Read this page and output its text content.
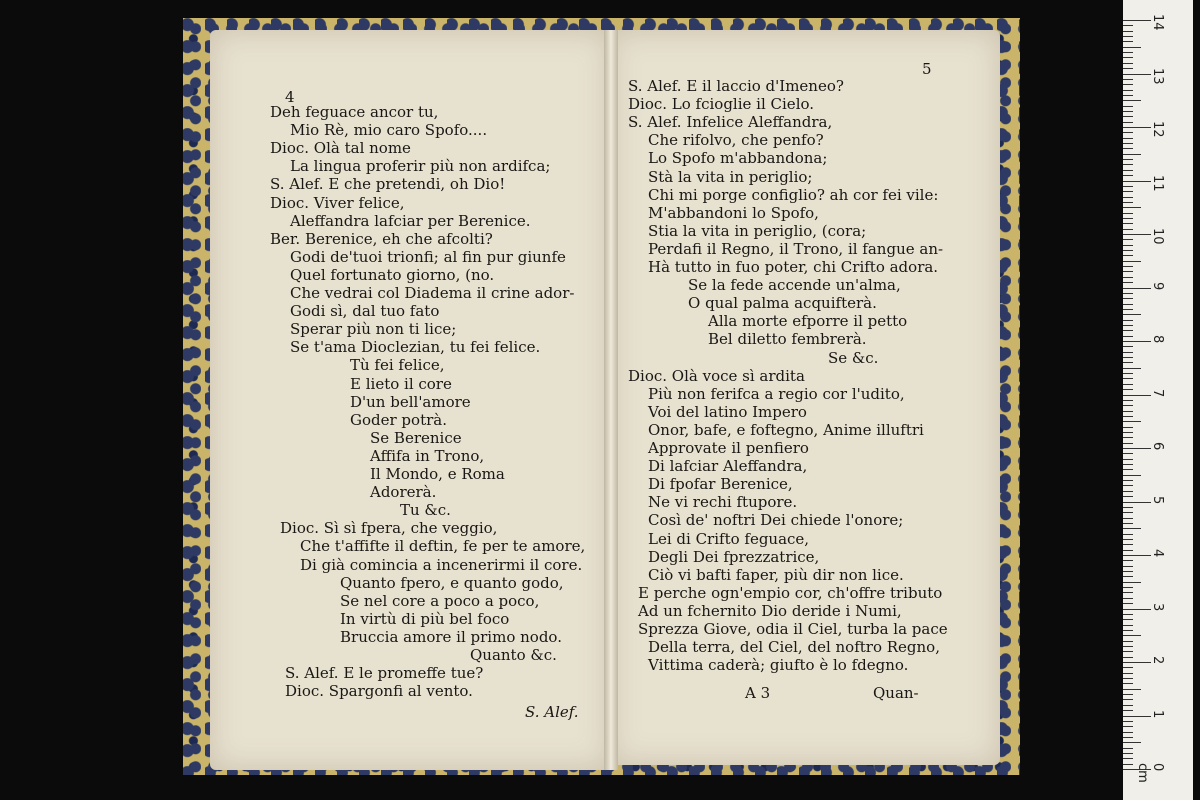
4
5
Deh feguace ancor tu,
Mio Rè, mio caro Spofo....
Dioc. Olà tal nome
La lingua proferir più non ardifca;
S. Alef. E che pretendi, oh Dio!
Dioc. Viver felice,
Aleffandra lafciar per Berenice.
Ber. Berenice, eh che afcolti?
Godi de'tuoi trionfi; al fin pur giunfe
Quel fortunato giorno, (no.
Che vedrai col Diadema il crine ador-
Godi sì, dal tuo fato
Sperar più non ti lice;
Se t'ama Dioclezian, tu fei felice.
Tù fei felice,
E lieto il core
D'un bell'amore
Goder potrà.
Se Berenice
Affifa in Trono,
Il Mondo, e Roma
Adorerà.
Tu &c.
Dioc. Sì sì fpera, che veggio,
Che t'affifte il deftin, fe per te amore,
Di già comincia a incenerirmi il core.
Quanto fpero, e quanto godo,
Se nel core a poco a poco,
In virtù di più bel foco
Bruccia amore il primo nodo.
Quanto &c.
S. Alef. E le promeffe tue?
Dioc. Spargonfi al vento.
S. Alef. E il laccio d'Imeneo?
Dioc. Lo fcioglie il Cielo.
S. Alef. Infelice Aleffandra,
Che rifolvo, che penfo?
Lo Spofo m'abbandona;
Stà la vita in periglio;
Chi mi porge configlio? ah cor fei vile:
M'abbandoni lo Spofo,
Stia la vita in periglio, (cora;
Perdafi il Regno, il Trono, il fangue an-
Hà tutto in fuo poter, chi Crifto adora.
Se la fede accende un'alma,
O qual palma acquifterà.
Alla morte efporre il petto
Bel diletto fembrerà.
Se &c.
Dioc. Olà voce sì ardita
Più non ferifca a regio cor l'udito,
Voi del latino Impero
Onor, bafe, e foftegno, Anime illuftri
Approvate il penfiero
Di lafciar Aleffandra,
Di fpofar Berenice,
Ne vi rechi ftupore.
Così de' noftri Dei chiede l'onore;
Lei di Crifto feguace,
Degli Dei fprezzatrice,
Ciò vi bafti faper, più dir non lice.
E perche ogn'empio cor, ch'offre tributo
Ad un fchernito Dio deride i Numi,
Sprezza Giove, odia il Ciel, turba la pace
Della terra, del Ciel, del noftro Regno,
Vittima caderà; giufto è lo fdegno.
S. Alef.
A 3	Quan-
14
13
12
11
10
9
8
7
6
5
4
3
2
1
0 cm
